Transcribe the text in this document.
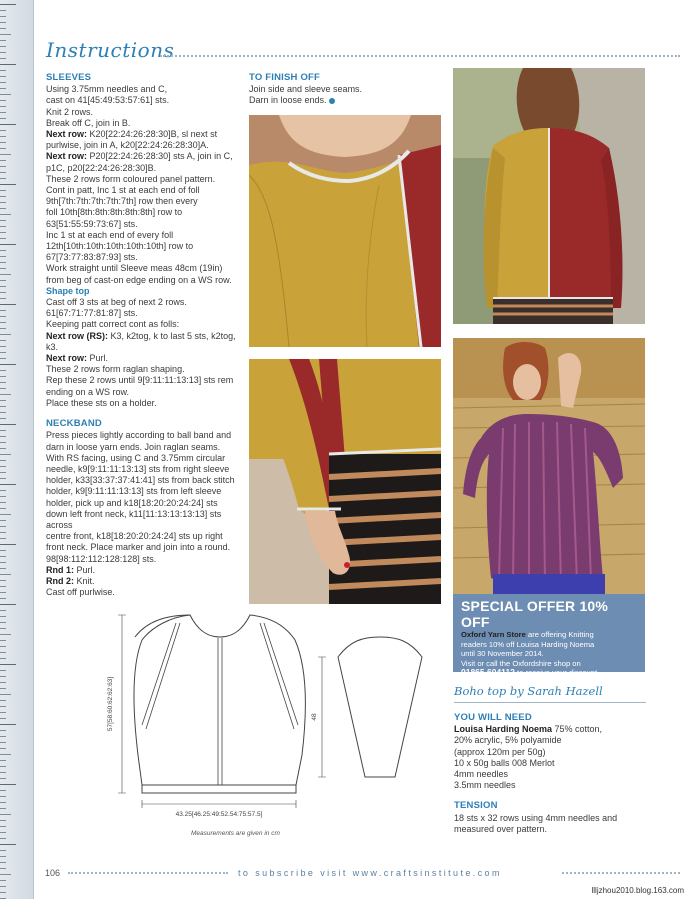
Instructions
SLEEVES

Using 3.75mm needles and C,

cast on 41[45:49:53:57:61] sts.

Knit 2 rows.

Break off C, join in B.

Next row: K20[22:24:26:28:30]B, sl next st

purlwise, join in A, k20[22:24:26:28:30]A.

Next row: P20[22:24:26:28:30] sts A, join in C,

p1C, p20[22:24:26:28:30]B.

These 2 rows form coloured panel pattern.

Cont in patt, Inc 1 st at each end of foll

9th[7th:7th:7th:7th:7th] row then every

foll 10th[8th:8th:8th:8th:8th] row to

63[51:55:59:73:67] sts.

Inc 1 st at each end of every foll

12th[10th:10th:10th:10th:10th] row to

67[73:77:83:87:93] sts.

Work straight until Sleeve meas 48cm (19in)

from beg of cast-on edge ending on a WS row.

Shape top

Cast off 3 sts at beg of next 2 rows.

61[67:71:77:81:87] sts.

Keeping patt correct cont as folls:

Next row (RS): K3, k2tog, k to last 5 sts, k2tog,

k3.

Next row: Purl.

These 2 rows form raglan shaping.

Rep these 2 rows until 9[9:11:11:13:13] sts rem

ending on a WS row.

Place these sts on a holder.

NECKBAND

Press pieces lightly according to ball band and

darn in loose yarn ends. Join raglan seams.

With RS facing, using C and 3.75mm circular

needle, k9[9:11:11:13:13] sts from right sleeve

holder, k33[33:37:37:41:41] sts from back stitch

holder, k9[9:11:11:13:13] sts from left sleeve

holder, pick up and k18[18:20:20:24:24] sts

down left front neck, k11[11:13:13:13:13] sts across

centre front, k18[18:20:20:24:24] sts up right

front neck. Place marker and join into a round.

98[98:112:112:128:128] sts.

Rnd 1: Purl.

Rnd 2: Knit.

Cast off purlwise.

TO FINISH OFF

Join side and sleeve seams.

Darn in loose ends.

SPECIAL OFFER 10% OFF
Oxford Yarn Store are offering Knitting
readers 10% off Louisa Harding Noema
until 30 November 2014.
Visit or call the Oxfordshire shop on
01865 604112 to receive your discount.
Boho top by Sarah Hazell
YOU WILL NEED

Louisa Harding Noema 75% cotton,

20% acrylic, 5% polyamide

(approx 120m per 50g)

10 x 50g balls 008 Merlot

4mm needles

3.5mm needles

TENSION

18 sts x 32 rows using 4mm needles and

measured over pattern.

57[58:60:62:62:63]
43.25[46.25:49:52.54:75:57.5]
48
Measurements are given in cm
106	to subscribe visit www.craftsinstitute.com
llljzhou2010.blog.163.com
